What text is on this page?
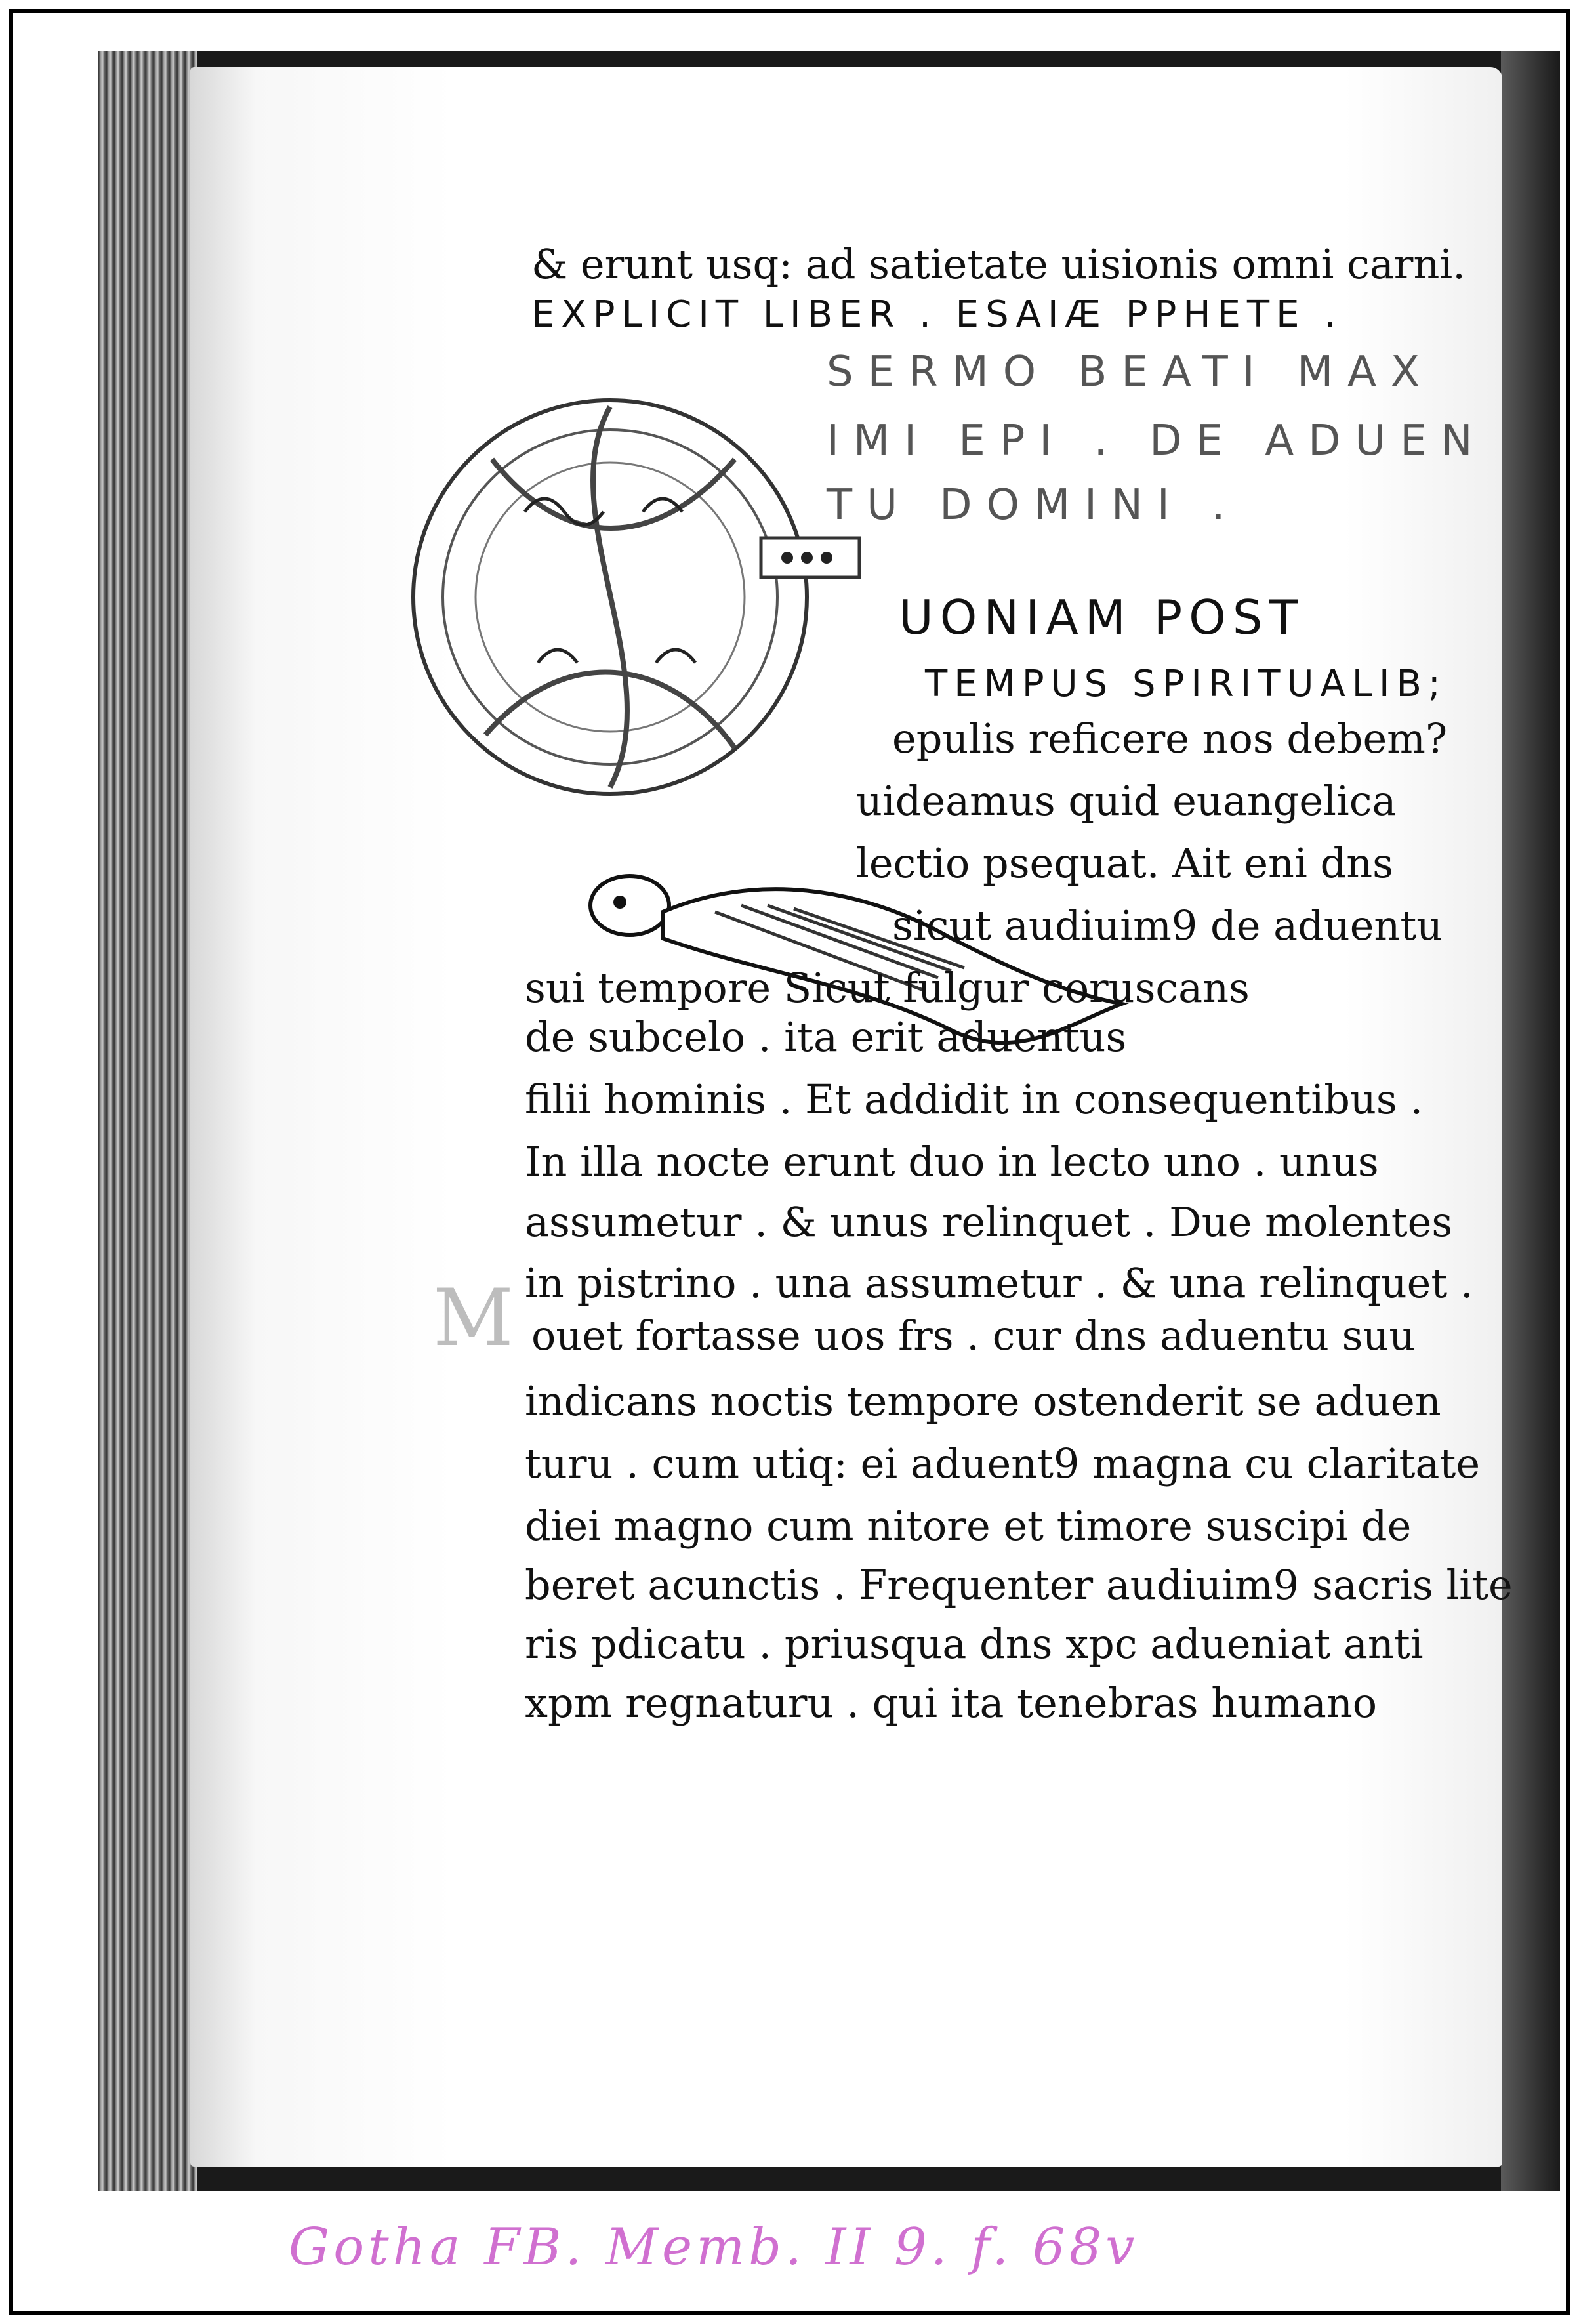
& erunt usq: ad satietate uisionis omni carni.
EXPLICIT LIBER . ESAIÆ PPHETE .
SERMO BEATI MAX
IMI EPI . DE ADUEN
TU DOMINI .
UONIAM POST
TEMPUS SPIRITUALIB;
epulis reficere nos debem?
uideamus quid euangelica
lectio psequat. Ait eni dns
sicut audiuim9 de aduentu
sui tempore Sicut fulgur coruscans
de subcelo . ita erit aduentus
filii hominis . Et addidit in consequentibus .
In illa nocte erunt duo in lecto uno . unus
assumetur . & unus relinquet . Due molentes
in pistrino . una assumetur . & una relinquet .
M ouet fortasse uos frs . cur dns aduentu suu
indicans noctis tempore ostenderit se aduen
turu . cum utiq: ei aduent9 magna cu claritate
diei magno cum nitore et timore suscipi de
beret acunctis . Frequenter audiuim9 sacris lite
ris pdicatu . priusqua dns xpc adueniat anti
xpm regnaturu . qui ita tenebras humano
Gotha FB. Memb. II 9. f. 68v
